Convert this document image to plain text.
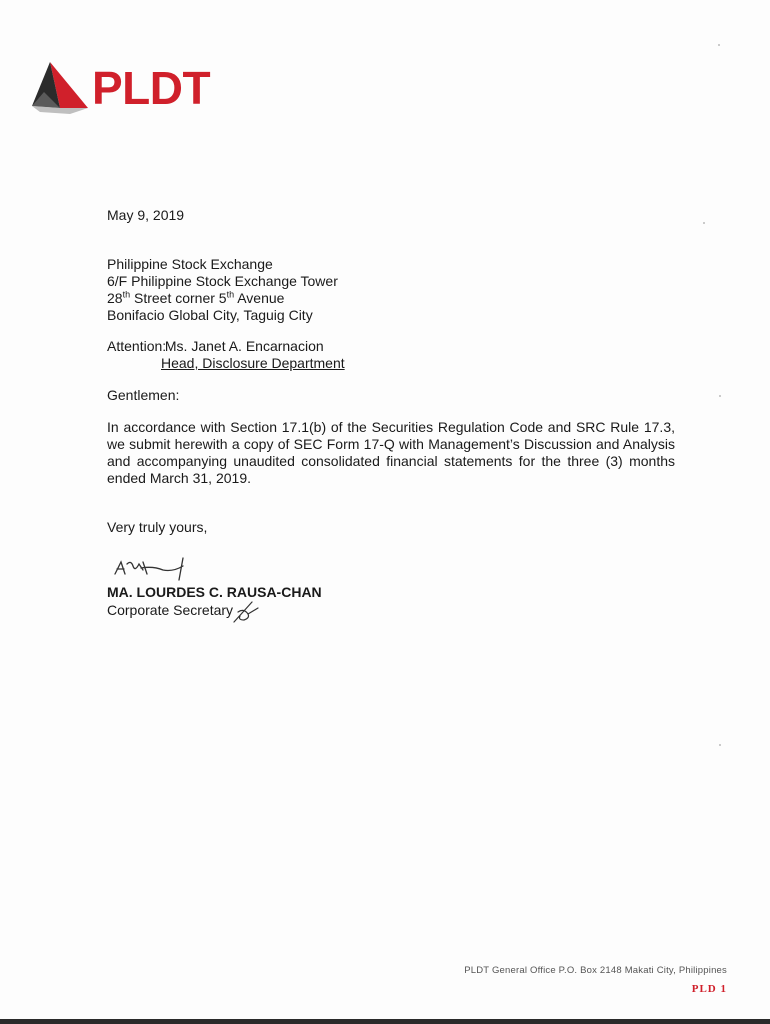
PLDT
May 9, 2019
Philippine Stock Exchange
6/F Philippine Stock Exchange Tower
28th Street corner 5th Avenue
Bonifacio Global City, Taguig City
Attention: Ms. Janet A. Encarnacion
Head, Disclosure Department
Gentlemen:
In accordance with Section 17.1(b) of the Securities Regulation Code and SRC Rule 17.3,
we submit herewith a copy of SEC Form 17-Q with Management’s Discussion and Analysis
and accompanying unaudited consolidated financial statements for the three (3) months
ended March 31, 2019.
Very truly yours,
MA. LOURDES C. RAUSA-CHAN
Corporate Secretary
PLDT General Office P.O. Box 2148 Makati City, Philippines
PLD 1
